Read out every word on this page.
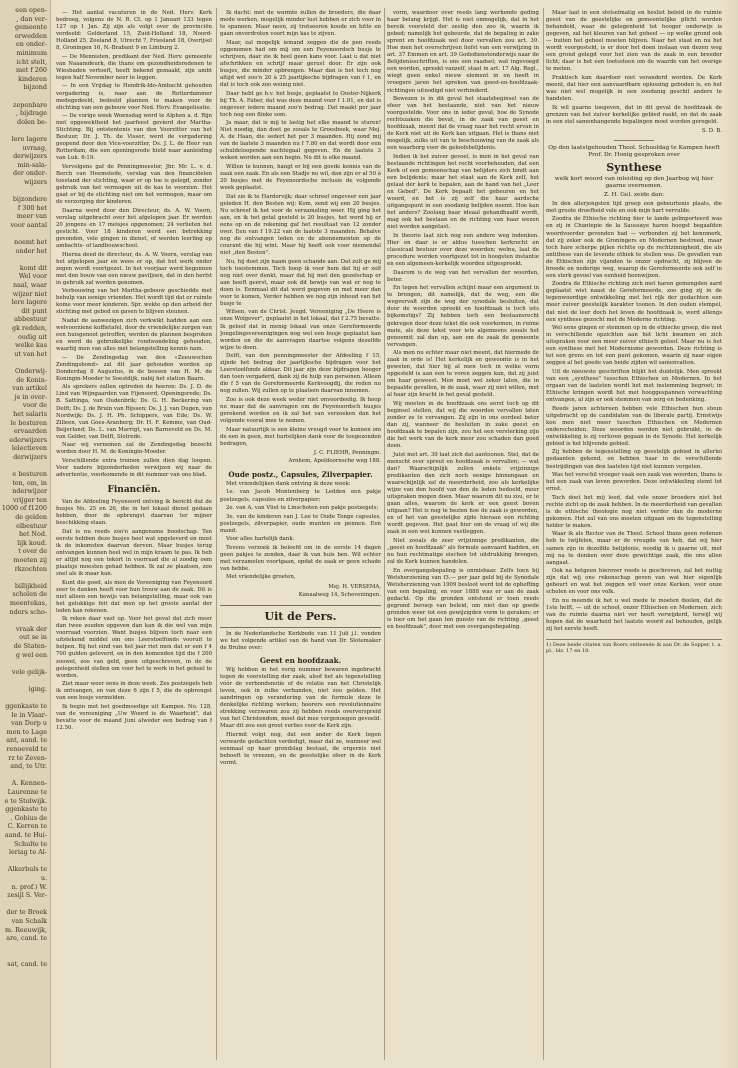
een open-
, dan ver-
gemeente
erwedden
en onder-
minimum
icht stelt,
met f 260
kinderen
bijzond

zepenbare
, bijdrage
dolen be-

lere lagere
uvraag,
derwijzers
min-sala-
der onder-
wijzers

bijzondere
f 300 het
meer van
voor aantal

noemt het
onder het

komt dit
Wel voor
naal, waar
wijzer niet
lere lagere
dit punt
abbestuur
gk redden,
oudig uit
welke kas
ut van het

Onderwij-
de Konin-
van artikel
je in over-
voor de
het salaris
le besturen
ervaarden
ederwijzers
lelectieven
derwijzers

e besturen
ten, om, in
nderwijzer
vrijger ten
1000 of f1200
de gelden
elbestuur
het Nod.
lijk koud.
t over de
moeten zij
rkzochten

billijkheid
scholen de
meentekas,
nders scho-

vraak der
out se in
de Staten-
g wel een

vele gelijk-

iging.

ggenkaste te
le in Vlaar-
van Dorp u
men to Lage
ant, aand. te
renoeveld te
rz te Zeven-
and, te Utr.

A. Kennen-
Laurenne te
e te Stolwijk.
ggenkaste te
. Gobius de
C. Kerren te
aand. te Hui-
Schulte te
leriag te Al-

Alkerbuls te
u.
n. prof.) W.
zesijl S. Ver-

der te Broek
van Schalk
m. Reeuwijk,
are, cand. te

sat, cand. te

— Het aantal vacaturen in de Ned. Herv. Kerk bedroeg, volgens de N. R. Ct. op 1 Januari 133 tegen 127 op 1 Jan. Zij zijn als volgt over de provinciën verdeeld: Gelderland 15, Zuid-Holland 18, Noord-Holland 25, Zeeland 8, Utrecht 7, Friesland 18, Overijsel 8, Groningen 16, N.-Brabant 9 en Limburg 2.

— De Mennisten, predikant der Ned. Herv. gemeente van Naaamdeurk, die thans om gezondheidsredenen te Wiesbaden vertoeft, heeft bekend gemaakt, zijn ambt tegen half November neer te leggen.

— In een Vrijdag te Hendrik-Ido-Ambacht gehouden vergadering is, naar aan de Rotterdammer medegedeeld, bedeeld plannen te maken voor de stichting van een gebouw voor Ned. Herv. Evangelisatie.

— De vorige week Woensdag werd te Alphen a. d. Rijn met opgewektheid het jaarfeest gevierd der Martha-Stichting. Bij ontstentenis van den Voorzitter van het Bestuur, Dr. J. Th. de Visser, werd de vergadering geopend door den Vice-voorzitter, Ds. J. L. de Heer van Rotterdam, die een openingsrede hield naar aanleiding van Luk. 6:19.

Vervolgens gaf de Penningmeester, Jhr. Mr. L. v. d. Berch van Heemstede, verslag van den financiëelen toestand der stichting, waar er op toe is gelegd, zonder gebruik van het vermogen uit de kas te voorzien. Het gaat er bij de stichting niet om het vermogen, maar om de verzorging der kinderen.

Daarna werd door den Directeur, ds. A. W. Voorn, verslag uitgebracht over het afgelopen jaar. Er werden 20 jongens en 17 meisjes opgenomen; 24 verlieten het gesticht. Voor 18 kinderen werd een betrekking gevonden, vele gingen in dienst, of werden leerling op ambachts- of landbouwschool.

Hierna deed de directeur, ds. A. W. Voorn, verslag van het afgelopen jaar en wees er op, dat het werk onder zegen wordt voortgezet. In het voorjaar werd begonnen met den bouw van een nieuw paviljoen, dat in den herfst in gebruik zal worden genomen.

Verbouwing van het Martha-gebouw geschiedde met behulp van eenige vrienden. Het wordt tijd dat er ruimte kome voor meer kinderen. Spr. wekte op den arbeid der stichting met gebed en gaven te blijven steunen.

Nadat de aanwezigen zich verkwikt hadden aan een welvoorziene koffietafel, door de vriendelijke zorgen van een huisgenoot getroffen, werden de plannen besproken en werd de gebruikelijke rondwandeling gehouden, waarbij men van alles met belangstelling kennis nam.

— De Zendingsdag van den «Zeeuwschen Zendingsbond» zal dit jaar gehouden worden op Donderdag 8 Augustus, in de bossen van H. M. de Koningin-Moeder te Soestdijk, nabij het station Baarn.

Als sprekers zullen optreden de heeren: Ds. J. D. de Lind van Wijngaarden van Fijenoord, Openingsrede; Ds. B. Sattinga, van Oudenbrik; Ds. G. H. Beckering van Delft; Ds. J. de Bruin van Rijssen; Ds. J. J. van Dugen, van Nordwijk; Ds. J. H. Ph. Schippers, van Ede; Ds. W. Zilleen, van Goes-Aranberg; Dr. H. F. Kemme, van Oud-Beijerland; Ds. L. van Marrigt, van Barneveld en Ds. M. van Gelder, van Delft, Slotrede.

Naar wij vernemen zal de Zendingsdag bezocht worden door H. M. de Koningin-Moeder.

Verschillende extra treinen zullen dien dag loopen. Voor nadere bijzonderheden verwijzen wij naar de advertentie, voorkomende in dit nummer van ons blad.

Financiën.

Van de Afdeeling Feyenoord ontving ik bericht dat de busjes No. 25 en 26, die in het lokaal dienst gedaan hebben, door de opbrengst daarvan ter mijner beschikking staan.

Dat is nu reeds zoo'n aangename boodschap. Ten eerste hebben deze busjes heel wat opgeleverd en most ik de inkomsten daarvan derven. Maar busjes terug ontvangen kunnen heel wel in mijn kraam te pas. Ik heb er altijd nog een tekort in voorraad die al zoodig oem plaatsje moesten gehad hebben. Ik zal ze plaatsen, zoo snel als ik maar kan.

Kunt die goed, als men de Vereeniging van Feyenoord zeer te danken heeft voor hun trouw aan de zaak. Dit is niet alleen een bewijs van belangstelling, maar ook van het gelukkige feit dat men op het groote aantal der leden kan rekenen.

Ik reken daar vast op. Voor het geval dat zich meer dan twee zouden opgeven dan kan ik die wel van mijn voorraad voorzien. Want busjes blijven toch naar een uitstekend middel om ons Leerstoelfonds vooruit te helpen. Bij het eind van het jaar riet men dat er een f 4 700 gulden geleverd, en in den komenden tijd die f 200 zoowel, zoo van geld, geen uitgeschreven, in de de gelegenheid stellen om voor het te werk in het geheel te worden.

Ziet maar weer eens in deze week. Zes postzegels heb ik ontvangen, en van deze 6 zijn f 5, die de opbrengst van een busje vermelden.

Ik begin met het goedmoedige uit Kampen. No. 128, van de vereeniging „Uw Woord is de Waarheid", dat bevatte voor de maand Juni alweder een bedrag van f 12.50.

Ik dacht: met de warmte zullen de broeders, die daar mede werken, mogelijk minder lust hebben er zich voor in te spannen. Maar neen, zij trotseeren koude en hitte en gaan onverdroten voort mijn kas te zijven.

Maar, zal mogelijk iemand zeggen die de pen reeds opgenomen had om mij om een Feyenoordsch busje te schrijven, daar zie ik heel geen kans voor. Laat u dat niet afschrikken en schrijf maar gerust door. Er zijn ook busjes, die minder opbrengen. Maar dan is het toch nog altijd wel zoo'n 20 à 25 jaarlijksche bijdragen van f 1, en dat is toch ook zoo weinig niet.

Daar hebt ge b.v. het busje, geplaatst te Ooster-Nijkerk bij Th. A. Faber, dat was deze maand voor f 1.91, en dat is ongeveer iedere maand zoo'n bedrag. Dat maakt per jaar toch nog een flinke som.

Ja maar, dat is mij te lastig het elke maand te sturen! Niet noodig, dan doet ge zooals te Groesbeek, waar Mej. A. de Haan, die sedert het per 3 maanden. Hij zond mij van de laatste 3 maanden nu f 7.80 en dat wordt door een schuldeloopende nachtegaal gegeven. En de laatste 3 weken worden aan een begin. Nu dit is elke maand.

Willen te kunnen, hangt er bij een goede kennis van de zaak een zaak. En als een Stadje nu wil, dan zijn er al 50 à 20 busjes met de Feyenoordsche inclusie de volgende week geplaatst.

Dat zie ik te Hardervijk; daar schreef ongeveer een jaar geleden H. den Besten wij: Kom, zend wij een 20 busjes. Nu schreef ik het voor de verzameling weer. Hij ging het aan, en ik het getal gesteld is 20 busjes, het werd hij er eens op en de rekening gaf het resultaat van 12 zonder over. Een van f 19.22 van de laatste 3 maanden. Behalve nog de ontvangen leden en de abonnementen op de courant die hij wint. Maar hij heeft ook voor niemendal niet „den Besten".

Nu, hij doet zijn naam geen schande aan. Dat zult ge mij toch toestemmen. Toch hoop ik voor hem dat hij er zelf nog niet over denkt, maar dat hij met den gezelschap er aan heeft geerst, maar ook dit bewijs van wat er nog te doen is. Eenmaal dit dat werd gegeven en met meer dan voor te komen, Verder hebben we nog zijn inhoud van het busje te

Wilsen, van de Christ. Jeugd. Vereeniging „De Heere is onze Wolgever", geplaatst in het lokaal, dat f 2.75 bevatte. Ik geloof dat in menig lokaal van onze Gereformeerde Jongelingsvereenigingen nog wel een busje geplaatst kan worden en die de aanvragen daartoe volgens dezelfde wijze te doen.

Delft, van den penningmeester der Afdeeling f 15, zijnde het bedrag der jaarlijksche bijdragen voor het Leerstoelfonds aldaar. Dit jaar zijn deze bijdragen hooger dan toen vergaderd, dank zij de hulp van personen. Alleen die f 5 van de Gereformeerde Kerkvoogdij, die reden nu nog zullen. Wij zullen op te plaatsen daarvan innemen.

Zoo is ook deze week weder niet onvoordeelig. Ik hoop nu maar dat de aanvragen om de Feyenoordsch busjes gerekend worden en ik zal het van verzoeken dan het volgende vooral mee te nemen.

Maar natuurlijk is een kleine vreugd voor te kunnen om de een in geen, met hartelijken dank voor de toegezonden bedragen,

J. C. FLIEHR, Penningm.
Arnhem, Apeldoornsche weg 188.
Oude postz., Capsules, Zilverpapier.

Met vriendelijken dank ontving ik deze week:

1e. van Jacob Montenberg te Ledden een pakje postzegels, capsules en zilverpapier;

2e. van A. van Vliet te Linschoten een pakje postzegels;

3e. van de kinderen van J. Lee te Oude Tonge capsules, postzegels, zilverpapier, oude munten en pennen. Een mand.

Voor alles hartelijk dank.

Tevens verzoek ik beleefd om in de eerste 14 dagen geen pakjes te zenden, daar ik van huis ben. Wil echter met verzamelen voortgaan, opdat de zaak er geen schade van hebbe.

Met vriendelijke groeten,

Mej. H. VERSEMA,
Kanaalweg 14, Scheveningen.
Uit de Pers.

In de Nederlandsche Kerkbode van 11 Juli j.l. vonden we het volgende artikel van de hand van Dr. Slotemaker de Bruïne over:

Geest en hoofdzaak.

Wij hebben in het vorig nummer bewaren ingebracht tegen de voorstelling der zaak, alsof het als tegenstelling vóór de verbondsnotie of de relatie van het Christelijk leven, ook in zulke verbanden, niet zou gelden. Het aandringen op verandering van de formule deze te denkelijke richting werken; hoorers een revolutionnaire strekking verzwaren zou zij hebben reeds oververspreid van het Christendom, moet dat mee vergenoegen gevoeld. Maar dit zou een groot verlies voor de Kerk zijn.

Hiermit volgt nog, dat een ander de Kerk tegen verwarde gedachten verdedigt, maar dat ze, wanneer wel eenmaal op haar grondslag bestaat, de ergernis niet behoeft te vreezen, en de geestelijke sfeer in de Kerk vormt.

vorm, waardoor over reeds lang werkende geding haar belang krijgt. Het is niet onmogelijk, dat in het bereik voorsteld der zestig den zoo ik, waarin ik gebed; namelijk het gebeurde, dat de bepaling in zake sprent en hoofdzaak wel door vervallen zou art. 39. Hoe men het overschrijven liefst van een verwijzing in art. 37 Emmen en art. 39 Godsdienstonderwijs naar de Belijdenisschriften, is ons een raadsel; wat ingevoegd een worden, spreekt vanzelf, staat in art. 17 Alg. Regl., wiegt geen enkel nieuw element in en heeft in vroegere jaren het spreken van geest-en-hoofdzaak-richtingen uitnodigd niet verhinderd.

Bewezen is in dit geval het staatsbeginsel van de sfeer van het bestaande, niet van het nieuw voorgestelde. Voor ons in ieder geval, hoe de Synode rechtszaken die bevat, in de zaak van geest en hoofdzaak, meent dat de vraag naar het recht ervan in de Kerk niet uit de Kerk kan uitgaan. Het is thans niet mogelijk, zulks uit van te beschouwing van de zaak als een waarborg voor de geloofsbelijdenis.

Indien ik het zuiver gevoel, is men in het geval van bestaande richtingen het recht voorbehouden, dat een Kerk of een gemeenschap van belijders zich bindt aan een belijdenis; maar het staat aan de Kerk zelf, het gelaat der kerk te bepalen, aan de hand van het „Leer en Gebed". De Kerk bepaalt het gebeuren en het woord, en het is zij zelf die haar aardsche uitgangspunt in een zoodanig belijden neemt. Hoe kan het anders? Zoolang haar ideaal gehandhaafd wordt, mag ook het bestaan en de richting van haar wezen niet worden aangetast.

In theorie laat zich nog een andere weg indenken. Hier en daar is er aldus tusschen kerkrecht en classicaal bestuur over deze woorden; welnu, laat de procedure worden voortgezet tot in hoogsten instantie en een algemeen-kerkelijk woorden uitgespreekt.

Daarom is de weg van het vervallen der woorden, beter.

En tegen het vervallen schijnt maar een argument in te brengen; dit namelijk, dat de weg, een die wegvervalt zijn de weg der synodale besluiten, dat door de woorden spreekt en hoofdzaak is toch iets bijkomstigs? Zij hebben toch een bestaansrecht gekregen door deze tekst die ook voorkomen, in ruime mate, als deze tekst voor iets algemeens zooals het genoemd; zal dan op, aan om de zaak de gemeente vervangen.

Als men nu echter maar niet meent, dat hiermede de zaak in orde is! Het kerkelijk en gewoonte is in het geweten, dat hier bij al men toch in welke vorm opgesteld is aan een te voren zeggen kan, dat zij juist om haar geweest. Men moet wel zeker laten, die in bepaalde gevallen, in de zaak, waar zij niet willen, met al haar zijn kracht in het geval gesteld.

Wij moeten in de hoofdzaak ons eerst toch op dit beginsel stellen, dat wij die woorden vervallen laten zonder ze te vervangen. Zij zijn in ons oordeel beter dan zij, wanneer de besluiten in zake geest en hoofdzaak te bepalen zijn, zou het een versterking zijn die het werk van de kerk meer zou schaden dan goed doen.

Juist met art. 39 laat zich dat aantoonen. Stel, dat de menscht over spreut en hoofdzaak is vervallen; — wat dan? Waarschijnlijk zullen enkele vrijzinnige predikanten dan zich noch eenige binnengaan en waarschijnlijk zal de meerderheid, zoo als kerkelijke wijze van den hoofd van den de leden bedoeld, meer uitspraken mogen doen. Maar waarom dit nu zou, er te gaan alles, waarom de kerk er een geest boven uitgaan? Het is nog te bezien hoe de zaak is geworden, en of het van geestelijke zijde hieraan een richting wordt gegeven. Het gaat hier om de vraag of wij die zaak in een wet kunnen vastleggen.

Niet zooals de zeer vrijzinnige predikanten, die „geest en hoofdzaak" als formule aanvaard hadden, en nu hun rechtmatige eischen tot uitdrukking brengen, zal de Kerk kunnen handelen.

En overgangsbepaling is onmisbaar. Zelfs toen bij Wetsherziening van f3.— per jaar geld bij de Synodale Wetsherziening van 1909 besloot werd tot de opheffing van een bepaling, en voor 1888 was er aan de zaak gedacht. Op die gronden ontstond er toen reeds gegrond beroep van beleid, om niet dan op goede gronden weer tot een gewijzigden vorm te geraken; er is hier om het gaan ten gunste van de richting „geest en hoofdzaak", door met een overgangsbepaling.

Maar laat in een stelselmatig en beslist beleid in de ruimte geest van de geestelijke en gemeentelijke plicht worden behandeld, waar de gelegenheid tot hooger onderwijs is gegeven, zal het kleuren van het geheel — op welke grond ook — buiten het geheel moeten blijven. Naar het staat en nu het wordt voorgesteld, is er door het doen inslaan van dezen weg een grond gelegd voor het zien van de zaak in een breeder licht; daar is het een toetssteen om de waarde van het overige te meten.

Praktisch kan daardoor niet veranderd worden. De Kerk meent, dat hier een aanvaardbare oplossing geboden is, en het was niet wel mogelijk in een zoodanig geschil anders te handelen.

Ik wil gaarne toegeven, dat in dit geval de hoofdzaak de grenzen van het zuiver kerkelijke gebied raakt, en dat de zaak in een stel samenhangende bepalingen moet worden geregeld.

S. D. B.

Op den laatstgehouden Theol. Schooldag te Kampen heeft Prof. Dr. Honig gesproken over

Synthese

welk kort woord van inleiding op den Jaarbog wij hier gaarne overnemen.

Z. H. Gel. zeide dan:

In den allerjongsten tijd greep een gebeurtenis plaats, die met groote droefheid vele en ook mijn hart vervulde.

Zoodra de Ethische richting hier te lande geïmporteerd was en zij in Chantepie de la Saussaye haren hoogst begaafden woordvoerder gevonden had — verbonden zij het kennmerk, dat zij zeker ook de Groningers en Modernen bestreed, maar toch hare scherpe pijlen richtte op de rechtzinnigheid, die als antithese van de levende ethiek te stellen was. De gevallen van de Ethischen zijn vijanden te onzer opdracht, zij blijven de breede en nederige weg, waarop de Gereformeerde ook zelf in een sterk gevoel van eenheid heenwijzen.

Zoodra de Ethische richting zich met haren gemengden aard geplaatst wist naast de Gereformeerde, zoo ging zij in de tegenwoordige ontwikkeling met het rijk der gedachten een meer zuiver geestelijk karakter toonen. In den ouden stempel, dat niet de leer doch het leven de hoofdzaak is, werd allengs een synthese gezocht met de Moderne richting.

Wel eens gingen er stemmen op in de ethische groep, die niet in verschillende opzichten aan het licht kwamen en zich uitspraken voor een meer zuiver ethisch geloof. Maar nu is het een synthese met het Modernisme geworden. Deze richting is tot een grens en tot een punt gekomen, waarin zij naar eigen zeggen al het goede van beide zijden wil samenvatten.

Uit de nieuwste geschriften blijkt het duidelijk. Men spreekt van een „synthese" tusschen Ethischen en Modernen. In het orgaan van de laatsten wordt het met instemming begroet; in Ethische kringen wordt het met hooggespannen verwachting ontvangen, al zijn er ook stemmen van zorg en bedenking.

Reeds jaren achtereen hebben vele Ethischen hun steun uitgebracht op de candidaten van de liberale partij. Ernstwijs kon men niet meer tusschen Ethischen en Modernen onderscheiden. Deze woorden werden niet gebruikt, in de ontwikkeling is zij verloren gegaan in de Synode. Het kerkelijk gebied is het blijvende gebied.

Zij hebben de tegenstelling op geestelijk gebied in allerlei gedaanten gekend, en hebben haar in de verschillende bestrijdingen van den laatsten tijd niet kunnen vergeten.

Was het verschil vroeger vaak een zaak van woorden, thans is het een zaak van leven geworden. Deze ontwikkeling stemt tot ernst.

Toch doet het mij leed, dat vele onzer broeders niet het rechte zicht op de zaak hebben. In de meerderheid van gevallen is de ethische theologie nog niet verder dan de moderne gekomen. Het zal van ons moeten uitgaan om de tegenstelling helder te maken.

Waar ik als Rector van de Theol. School thans geen redenen heb te twijfelen, maar er de vreugde van heb, dat wij hier samen zijn in dezelfde belijdenis, noodig ik u gaarne uit, met mij na te denken over deze gewichtige zaak, die ons allen aangaat.

Ook na hetgeen hierover reeds is geschreven, zal het nuttig zijn dat wij ons rekenschap geven van wat hier eigenlijk gebeurt en wat het zeggen wil voor onze Kerken, voor onze scholen en voor ons volk.

En nu meende ik het u wel mede te moeten deelen, dat de 1ste helft, — uit de school, onzer Ethischen en Modernen, zich van de ruimte daarna niet ver heeft verwijderd, terwijl wij hopen dat de waarheid het laatste woord zal behouden, gelijk zij het eerste heeft.

1) Deze beide citaten van Boers ontleende ik aan Dr. de Sopper, t. a. pl., blz. 17 en 18.
